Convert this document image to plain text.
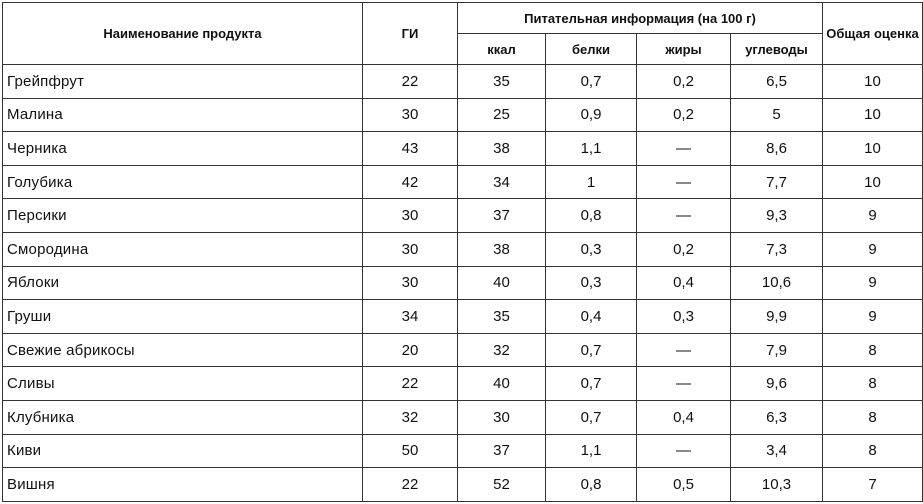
Наименование продукта	ГИ	Питательная информация (на 100 г)				Общая оценка
		ккал	белки	жиры	углеводы	
Грейпфрут	22	35	0,7	0,2	6,5	10
Малина	30	25	0,9	0,2	5	10
Черника	43	38	1,1	—	8,6	10
Голубика	42	34	1	—	7,7	10
Персики	30	37	0,8	—	9,3	9
Смородина	30	38	0,3	0,2	7,3	9
Яблоки	30	40	0,3	0,4	10,6	9
Груши	34	35	0,4	0,3	9,9	9
Свежие абрикосы	20	32	0,7	—	7,9	8
Сливы	22	40	0,7	—	9,6	8
Клубника	32	30	0,7	0,4	6,3	8
Киви	50	37	1,1	—	3,4	8
Вишня	22	52	0,8	0,5	10,3	7
